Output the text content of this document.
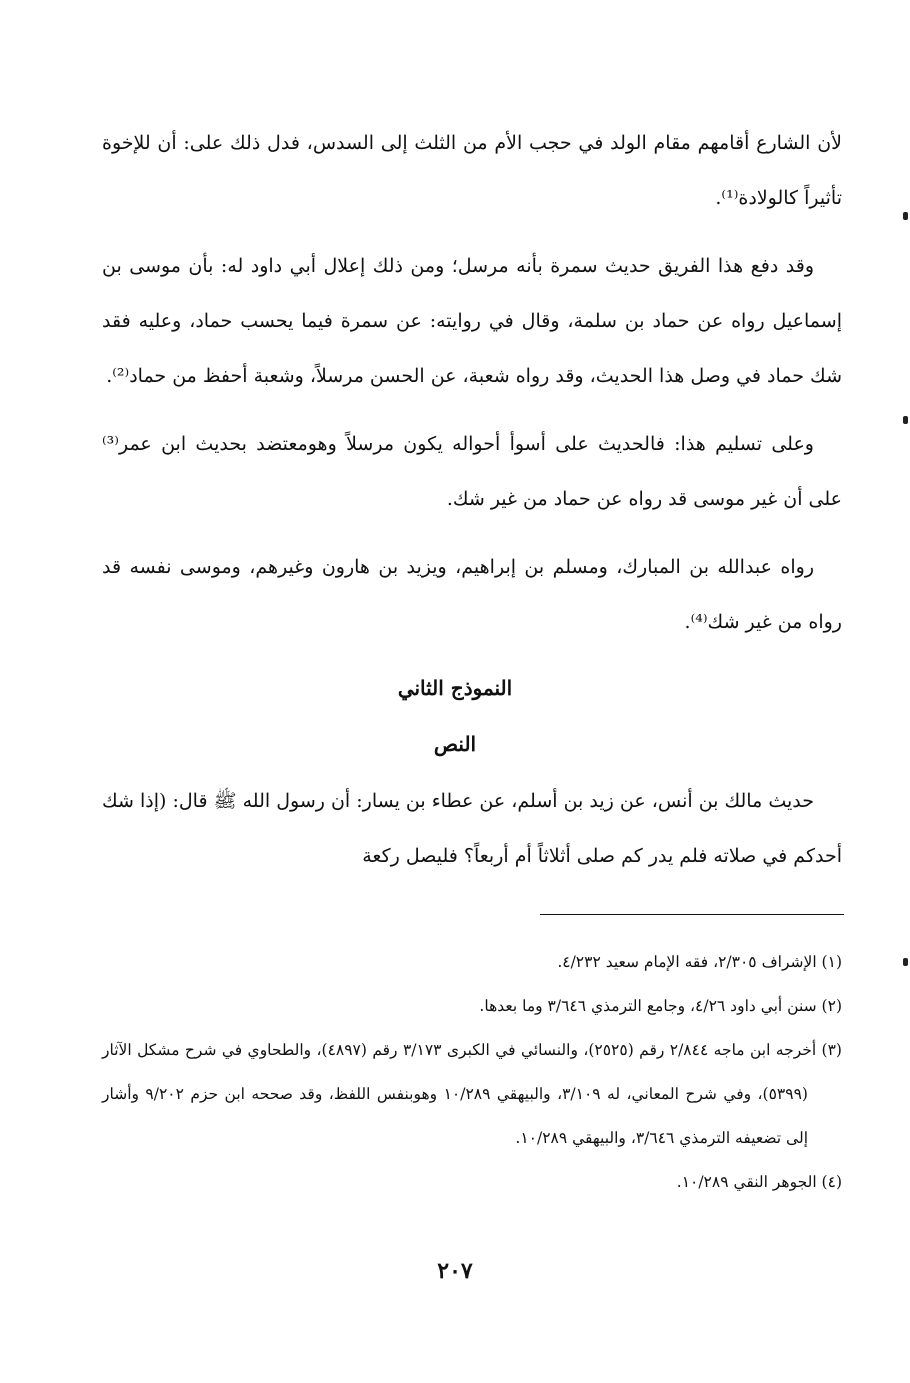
لأن الشارع أقامهم مقام الولد في حجب الأم من الثلث إلى السدس، فدل ذلك على: أن للإخوة تأثيراً كالولادة⁽¹⁾.

وقد دفع هذا الفريق حديث سمرة بأنه مرسل؛ ومن ذلك إعلال أبي داود له: بأن موسى بن إسماعيل رواه عن حماد بن سلمة، وقال في روايته: عن سمرة فيما يحسب حماد، وعليه فقد شك حماد في وصل هذا الحديث، وقد رواه شعبة، عن الحسن مرسلاً، وشعبة أحفظ من حماد⁽²⁾.

وعلى تسليم هذا: فالحديث على أسوأ أحواله يكون مرسلاً وهومعتضد بحديث ابن عمر⁽³⁾ على أن غير موسى قد رواه عن حماد من غير شك.

رواه عبدالله بن المبارك، ومسلم بن إبراهيم، ويزيد بن هارون وغيرهم، وموسى نفسه قد رواه من غير شك⁽⁴⁾.

النموذج الثاني
النص

حديث مالك بن أنس، عن زيد بن أسلم، عن عطاء بن يسار: أن رسول الله ﷺ قال: (إذا شك أحدكم في صلاته فلم يدر كم صلى أثلاثاً أم أربعاً؟ فليصل ركعة

(١) الإشراف ٢/٣٠٥، فقه الإمام سعيد ٤/٢٣٢.

(٢) سنن أبي داود ٤/٢٦، وجامع الترمذي ٣/٦٤٦ وما بعدها.

(٣) أخرجه ابن ماجه ٢/٨٤٤ رقم (٢٥٢٥)، والنسائي في الكبرى ٣/١٧٣ رقم (٤٨٩٧)، والطحاوي في شرح مشكل الآثار (٥٣٩٩)، وفي شرح المعاني، له ٣/١٠٩، والبيهقي ١٠/٢٨٩ وهوبنفس اللفظ، وقد صححه ابن حزم ٩/٢٠٢ وأشار إلى تضعيفه الترمذي ٣/٦٤٦، والبيهقي ١٠/٢٨٩.

(٤) الجوهر النقي ١٠/٢٨٩.

٢٠٧
